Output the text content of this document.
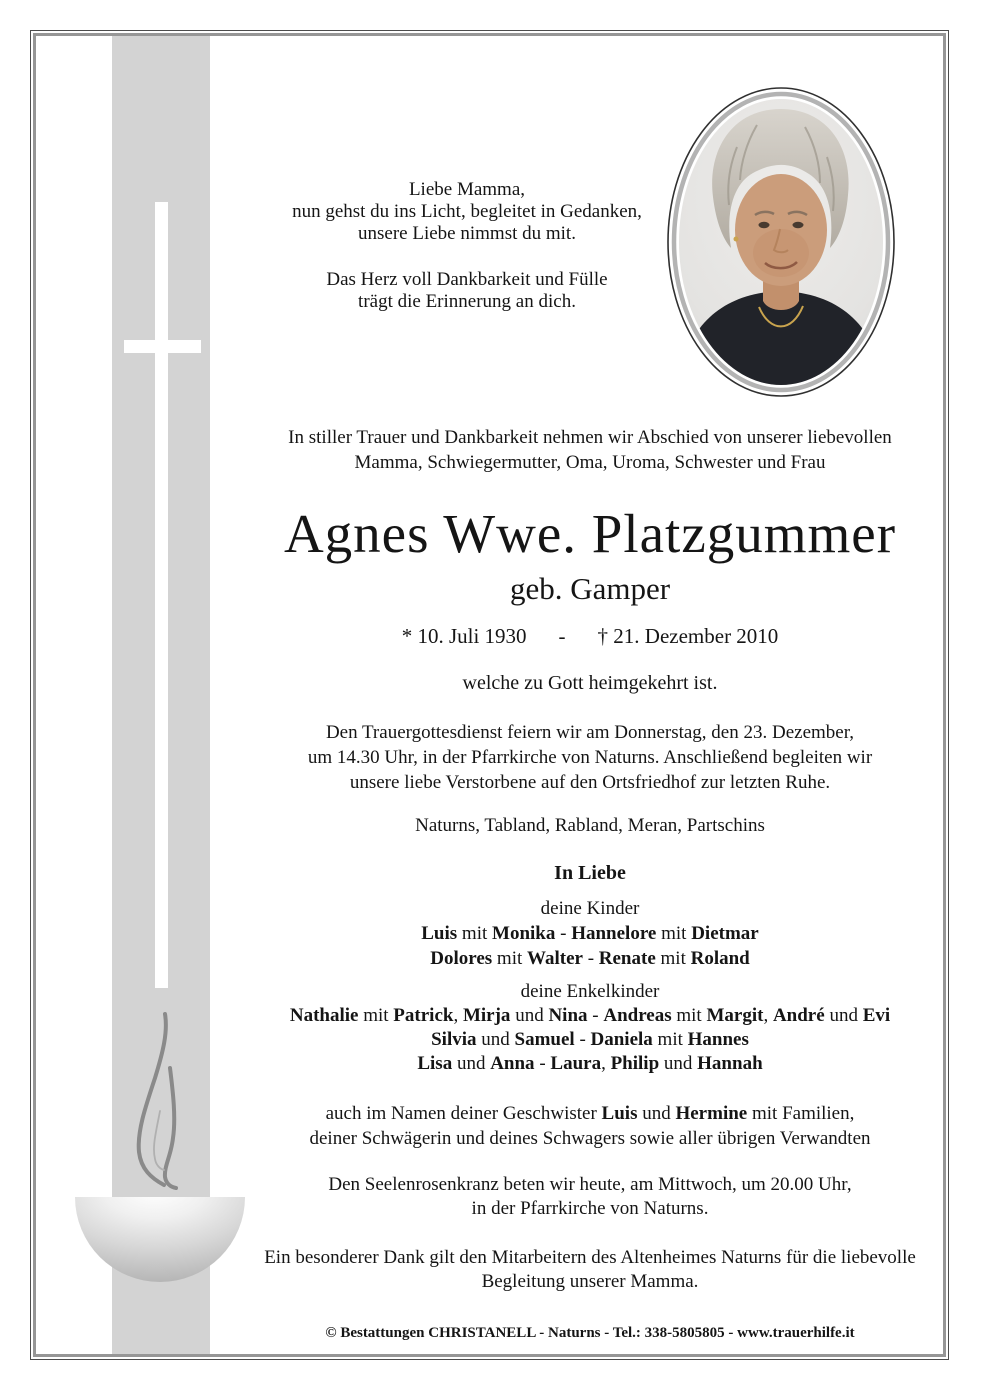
Liebe Mamma,
nun gehst du ins Licht, begleitet in Gedanken,
unsere Liebe nimmst du mit.
Das Herz voll Dankbarkeit und Fülle
trägt die Erinnerung an dich.
In stiller Trauer und Dankbarkeit nehmen wir Abschied von unserer liebevollen
Mamma, Schwiegermutter, Oma, Uroma, Schwester und Frau
Agnes Wwe. Platzgummer
geb. Gamper
* 10. Juli 1930 - † 21. Dezember 2010
welche zu Gott heimgekehrt ist.
Den Trauergottesdienst feiern wir am Donnerstag, den 23. Dezember,
um 14.30 Uhr, in der Pfarrkirche von Naturns. Anschließend begleiten wir
unsere liebe Verstorbene auf den Ortsfriedhof zur letzten Ruhe.
Naturns, Tabland, Rabland, Meran, Partschins
In Liebe
deine Kinder
Luis mit Monika - Hannelore mit Dietmar
Dolores mit Walter - Renate mit Roland
deine Enkelkinder
Nathalie mit Patrick, Mirja und Nina - Andreas mit Margit, André und Evi
Silvia und Samuel - Daniela mit Hannes
Lisa und Anna - Laura, Philip und Hannah
auch im Namen deiner Geschwister Luis und Hermine mit Familien,
deiner Schwägerin und deines Schwagers sowie aller übrigen Verwandten
Den Seelenrosenkranz beten wir heute, am Mittwoch, um 20.00 Uhr,
in der Pfarrkirche von Naturns.
Ein besonderer Dank gilt den Mitarbeitern des Altenheimes Naturns für die liebevolle
Begleitung unserer Mamma.
© Bestattungen CHRISTANELL - Naturns - Tel.: 338-5805805 - www.trauerhilfe.it
